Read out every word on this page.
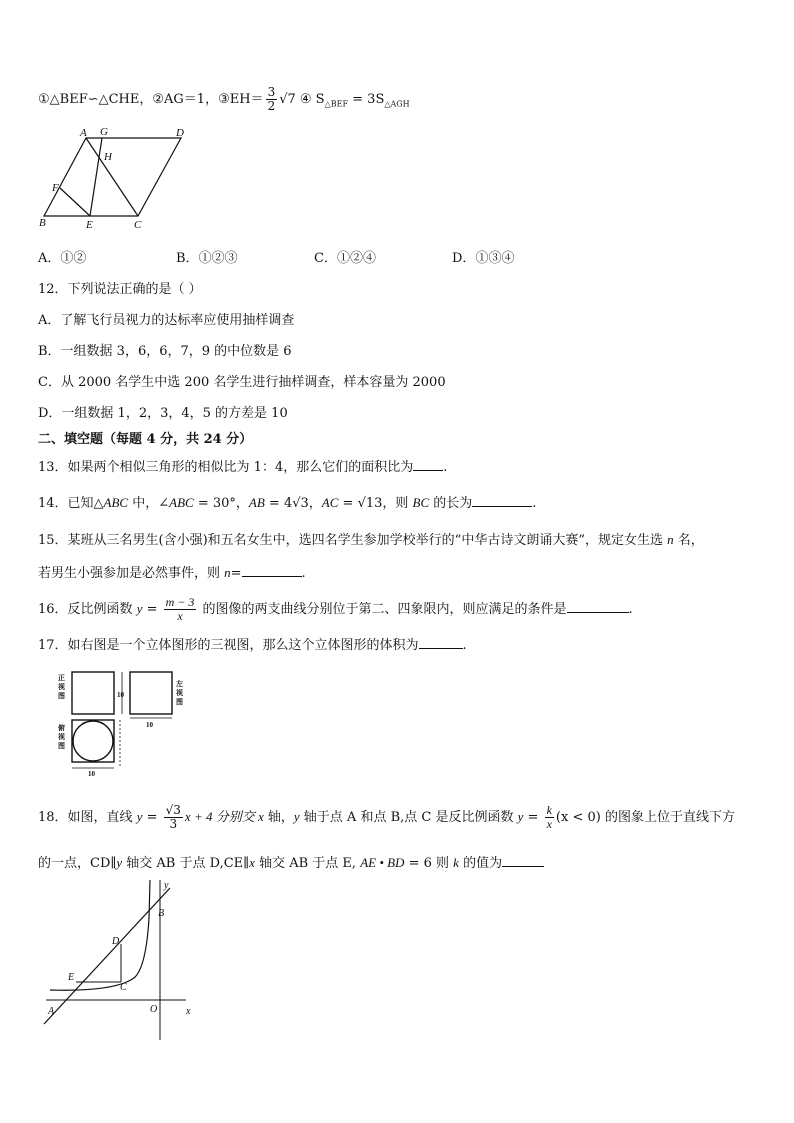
①△BEF∽△CHE，②AG＝1，③EH＝ $\frac{3}{2} √7$ ④ $S_{\triangle BEF} = 3S_{\triangle AGH}$
A G	D
H
F
B	E	C
A．①②	B．①②③	C．①②④	D．①③④
12．下列说法正确的是（ ）
A．了解飞行员视力的达标率应使用抽样调查
B．一组数据 3，6，6，7，9 的中位数是 6
C．从 2000 名学生中选 200 名学生进行抽样调查，样本容量为 2000
D．一组数据 1，2，3，4，5 的方差是 10
二、填空题（每题 4 分，共 24 分）
13．如果两个相似三角形的相似比为 1：4，那么它们的面积比为 .
14．已知△ABC 中，∠ABC = 30°，AB = 4√3，AC = √13，则 BC 的长为	.
15．某班从三名男生(含小强)和五名女生中，选四名学生参加学校举行的“中华古诗文朗诵大赛”，规定女生选 n 名，
若男生小强参加是必然事件，则 n=	.
16．反比例函数 $y = \frac{m - 3}{x}$ 的图像的两支曲线分别位于第二、四象限内，则应满足的条件是	.
17．如右图是一个立体图形的三视图，那么这个立体图形的体积为	.
正
视
图
左
视
图
俯
视
图
10
10
10
18．如图，直线 $y = \frac{√3}{3}$ x + 4 分别交 x 轴，y 轴于点 A 和点 B,点 C 是反比例函数 $y = \frac{k}{x} (x < 0)$ 的图象上位于直线下方
的一点，CD∥y 轴交 AB 于点 D,CE∥x 轴交 AB 于点 E, AE • BD = 6 则 k 的值为
y
B
D
E
C
A	O	x
